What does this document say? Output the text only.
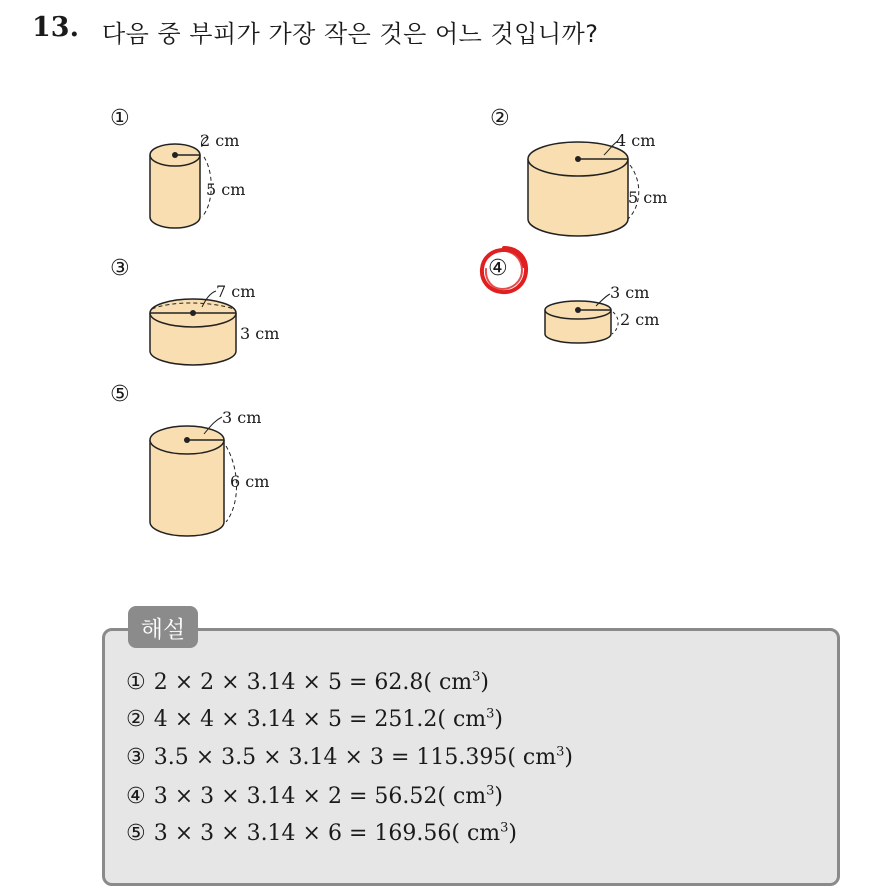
13. 다음 중 부피가 가장 작은 것은 어느 것입니까?
①	②
③	④
⑤
2 cm
5 cm
4 cm
5 cm
7 cm
3 cm
3 cm
2 cm
3 cm
6 cm
해설
① 2 × 2 × 3.14 × 5 = 62.8( $cm^3$)
② 4 × 4 × 3.14 × 5 = 251.2( $cm^3$)
③ 3.5 × 3.5 × 3.14 × 3 = 115.395( $cm^3$)
④ 3 × 3 × 3.14 × 2 = 56.52( $cm^3$)
⑤ 3 × 3 × 3.14 × 6 = 169.56( $cm^3$)
